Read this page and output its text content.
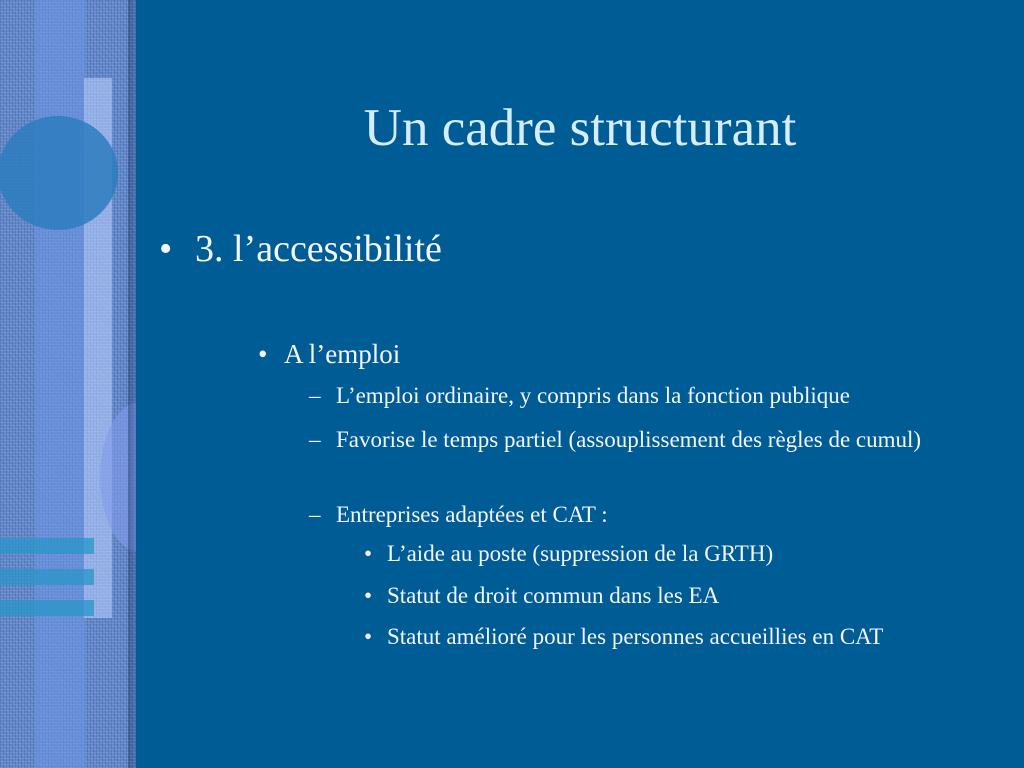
Un cadre structurant
• 3. l’accessibilité
• A l’emploi
– L’emploi ordinaire, y compris dans la fonction publique
– Favorise le temps partiel (assouplissement des règles de cumul)
– Entreprises adaptées et CAT :
• L’aide au poste (suppression de la GRTH)
• Statut de droit commun dans les EA
• Statut amélioré pour les personnes accueillies en CAT
